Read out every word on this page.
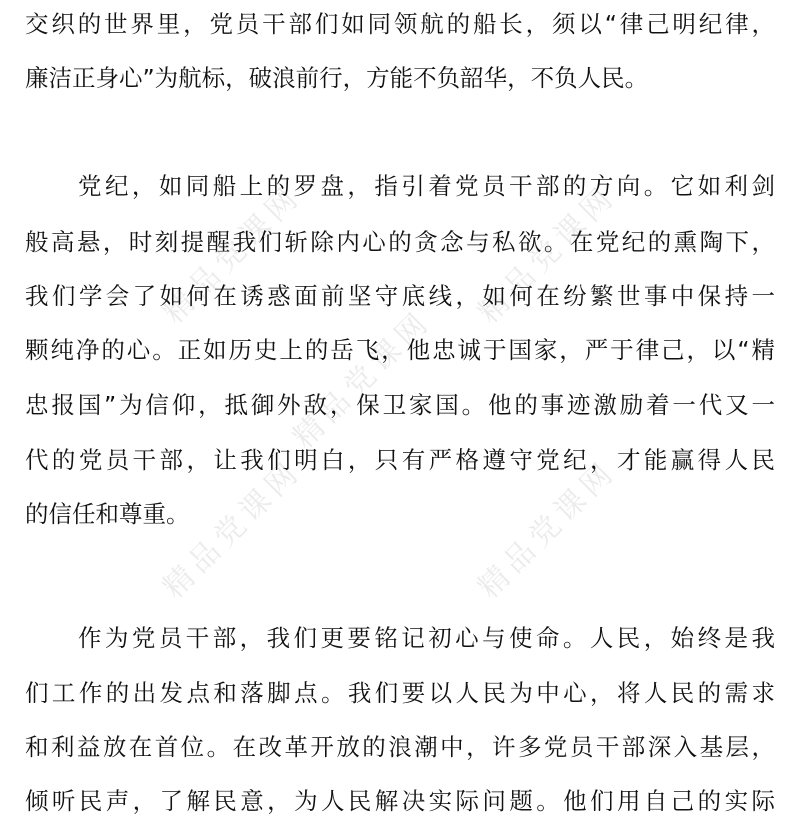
精品党课网	精品党课网
精品党课网
精品党课网	精品党课网
交织的世界里，党员干部们如同领航的船长，须以“律己明纪律，
廉洁正身心”为航标，破浪前行，方能不负韶华，不负人民。
党纪，如同船上的罗盘，指引着党员干部的方向。它如利剑
般高悬，时刻提醒我们斩除内心的贪念与私欲。在党纪的熏陶下，
我们学会了如何在诱惑面前坚守底线，如何在纷繁世事中保持一
颗纯净的心。正如历史上的岳飞，他忠诚于国家，严于律己，以“精
忠报国”为信仰，抵御外敌，保卫家国。他的事迹激励着一代又一
代的党员干部，让我们明白，只有严格遵守党纪，才能赢得人民
的信任和尊重。
作为党员干部，我们更要铭记初心与使命。人民，始终是我
们工作的出发点和落脚点。我们要以人民为中心，将人民的需求
和利益放在首位。在改革开放的浪潮中，许多党员干部深入基层，
倾听民声，了解民意，为人民解决实际问题。他们用自己的实际
